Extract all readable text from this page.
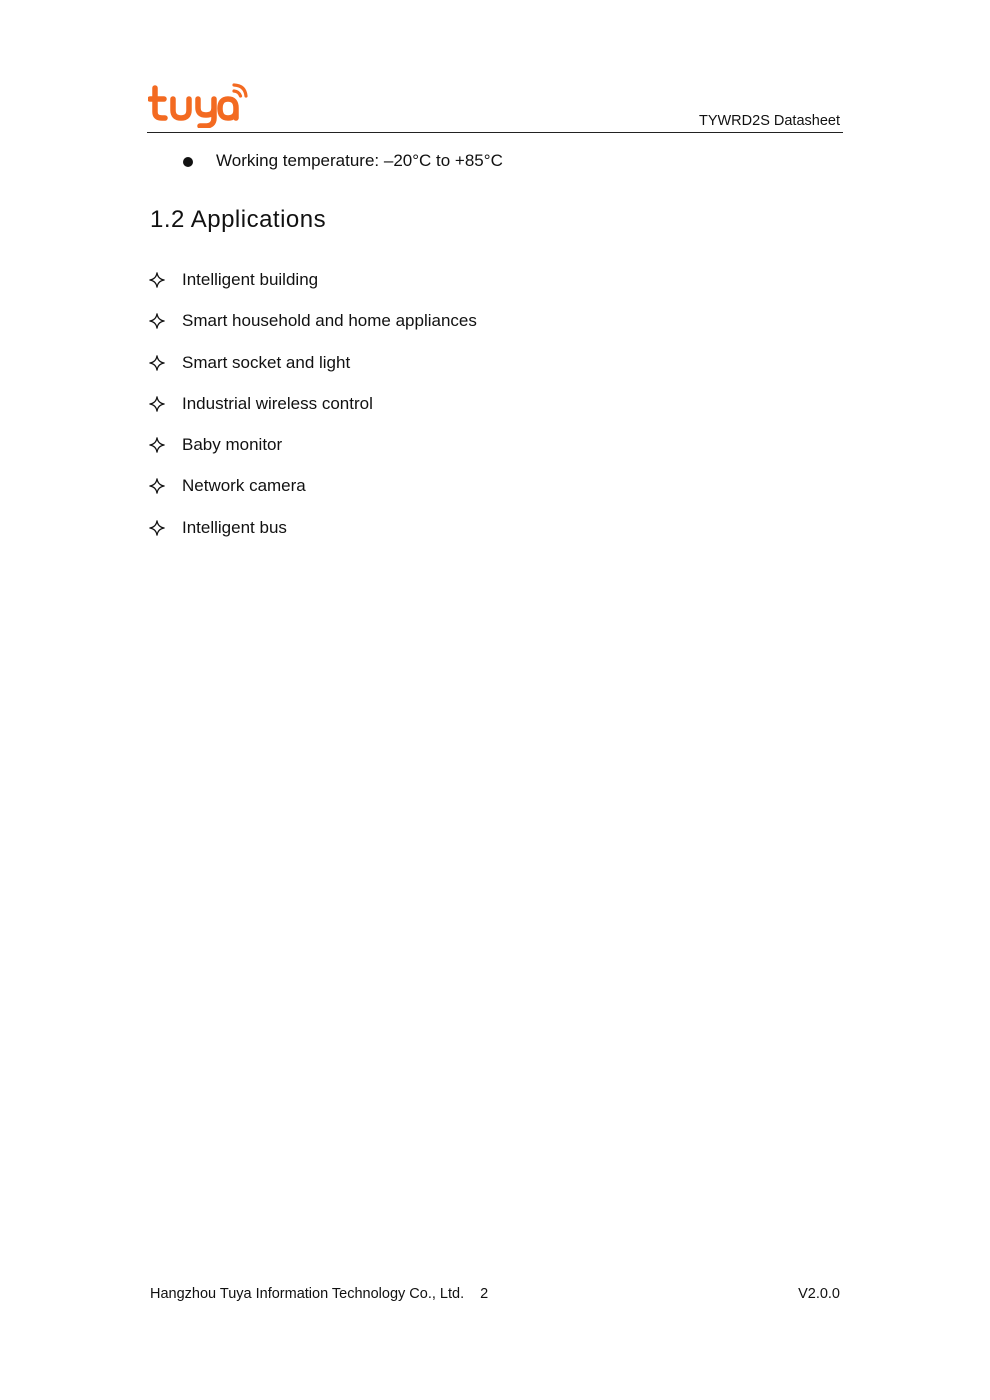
TYWRD2S Datasheet
Working temperature: –20°C to +85°C
1.2 Applications
Intelligent building
Smart household and home appliances
Smart socket and light
Industrial wireless control
Baby monitor
Network camera
Intelligent bus
Hangzhou Tuya Information Technology Co., Ltd. 2	V2.0.0
